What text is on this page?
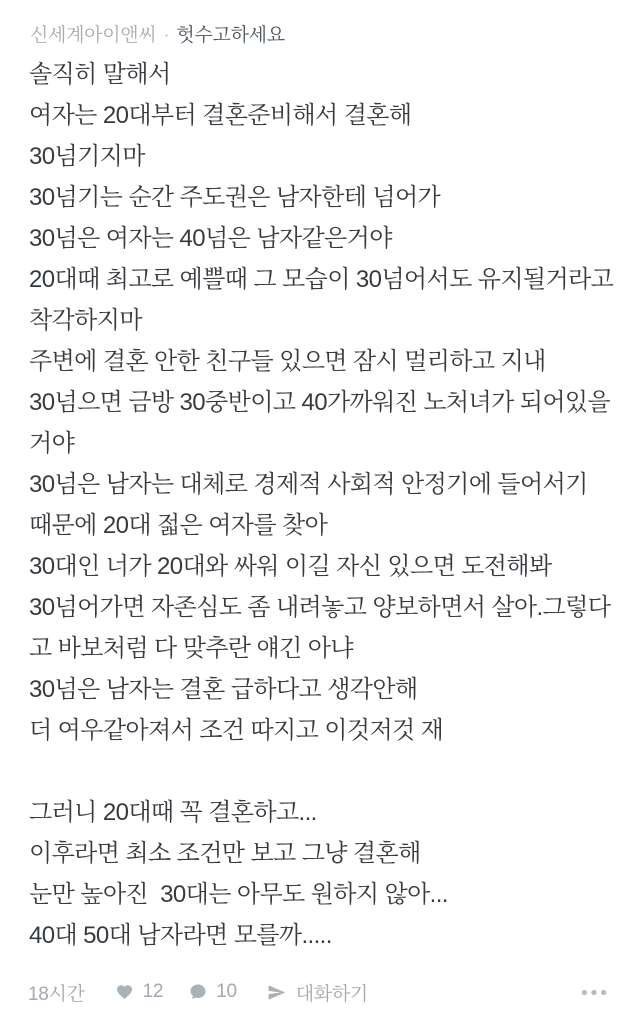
신세계아이앤씨 · 헛수고하세요
솔직히 말해서
여자는 20대부터 결혼준비해서 결혼해
30넘기지마
30넘기는 순간 주도권은 남자한테 넘어가
30넘은 여자는 40넘은 남자같은거야
20대때 최고로 예쁠때 그 모습이 30넘어서도 유지될거라고
착각하지마
주변에 결혼 안한 친구들 있으면 잠시 멀리하고 지내
30넘으면 금방 30중반이고 40가까워진 노처녀가 되어있을
거야
30넘은 남자는 대체로 경제적 사회적 안정기에 들어서기
때문에 20대 젋은 여자를 찾아
30대인 너가 20대와 싸워 이길 자신 있으면 도전해봐
30넘어가면 자존심도 좀 내려놓고 양보하면서 살아.그렇다
고 바보처럼 다 맞추란 얘긴 아냐
30넘은 남자는 결혼 급하다고 생각안해
더 여우같아져서 조건 따지고 이것저것 재

그러니 20대때 꼭 결혼하고...
이후라면 최소 조건만 보고 그냥 결혼해
눈만 높아진  30대는 아무도 원하지 않아...
40대 50대 남자라면 모를까.....
18시간	12	10	대화하기
